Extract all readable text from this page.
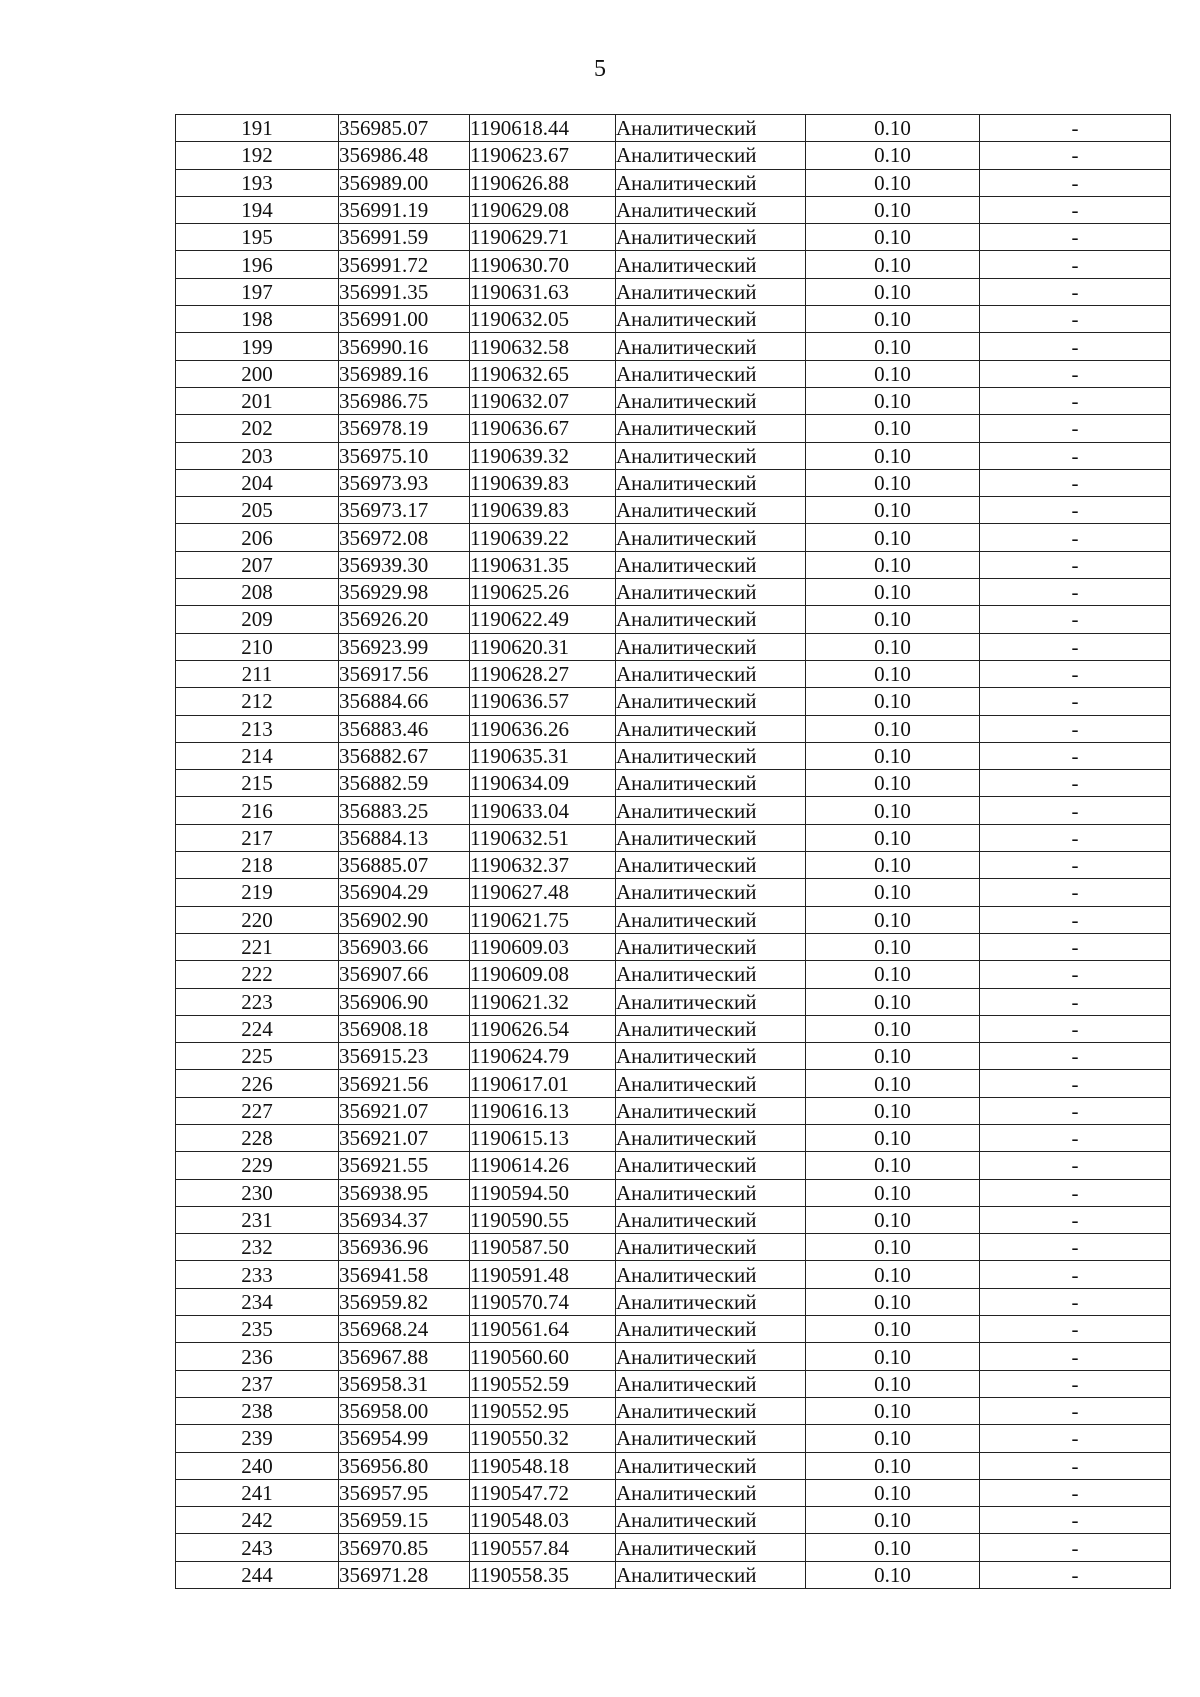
5
191	356985.07	1190618.44	Аналитический	0.10	-
192	356986.48	1190623.67	Аналитический	0.10	-
193	356989.00	1190626.88	Аналитический	0.10	-
194	356991.19	1190629.08	Аналитический	0.10	-
195	356991.59	1190629.71	Аналитический	0.10	-
196	356991.72	1190630.70	Аналитический	0.10	-
197	356991.35	1190631.63	Аналитический	0.10	-
198	356991.00	1190632.05	Аналитический	0.10	-
199	356990.16	1190632.58	Аналитический	0.10	-
200	356989.16	1190632.65	Аналитический	0.10	-
201	356986.75	1190632.07	Аналитический	0.10	-
202	356978.19	1190636.67	Аналитический	0.10	-
203	356975.10	1190639.32	Аналитический	0.10	-
204	356973.93	1190639.83	Аналитический	0.10	-
205	356973.17	1190639.83	Аналитический	0.10	-
206	356972.08	1190639.22	Аналитический	0.10	-
207	356939.30	1190631.35	Аналитический	0.10	-
208	356929.98	1190625.26	Аналитический	0.10	-
209	356926.20	1190622.49	Аналитический	0.10	-
210	356923.99	1190620.31	Аналитический	0.10	-
211	356917.56	1190628.27	Аналитический	0.10	-
212	356884.66	1190636.57	Аналитический	0.10	-
213	356883.46	1190636.26	Аналитический	0.10	-
214	356882.67	1190635.31	Аналитический	0.10	-
215	356882.59	1190634.09	Аналитический	0.10	-
216	356883.25	1190633.04	Аналитический	0.10	-
217	356884.13	1190632.51	Аналитический	0.10	-
218	356885.07	1190632.37	Аналитический	0.10	-
219	356904.29	1190627.48	Аналитический	0.10	-
220	356902.90	1190621.75	Аналитический	0.10	-
221	356903.66	1190609.03	Аналитический	0.10	-
222	356907.66	1190609.08	Аналитический	0.10	-
223	356906.90	1190621.32	Аналитический	0.10	-
224	356908.18	1190626.54	Аналитический	0.10	-
225	356915.23	1190624.79	Аналитический	0.10	-
226	356921.56	1190617.01	Аналитический	0.10	-
227	356921.07	1190616.13	Аналитический	0.10	-
228	356921.07	1190615.13	Аналитический	0.10	-
229	356921.55	1190614.26	Аналитический	0.10	-
230	356938.95	1190594.50	Аналитический	0.10	-
231	356934.37	1190590.55	Аналитический	0.10	-
232	356936.96	1190587.50	Аналитический	0.10	-
233	356941.58	1190591.48	Аналитический	0.10	-
234	356959.82	1190570.74	Аналитический	0.10	-
235	356968.24	1190561.64	Аналитический	0.10	-
236	356967.88	1190560.60	Аналитический	0.10	-
237	356958.31	1190552.59	Аналитический	0.10	-
238	356958.00	1190552.95	Аналитический	0.10	-
239	356954.99	1190550.32	Аналитический	0.10	-
240	356956.80	1190548.18	Аналитический	0.10	-
241	356957.95	1190547.72	Аналитический	0.10	-
242	356959.15	1190548.03	Аналитический	0.10	-
243	356970.85	1190557.84	Аналитический	0.10	-
244	356971.28	1190558.35	Аналитический	0.10	-
